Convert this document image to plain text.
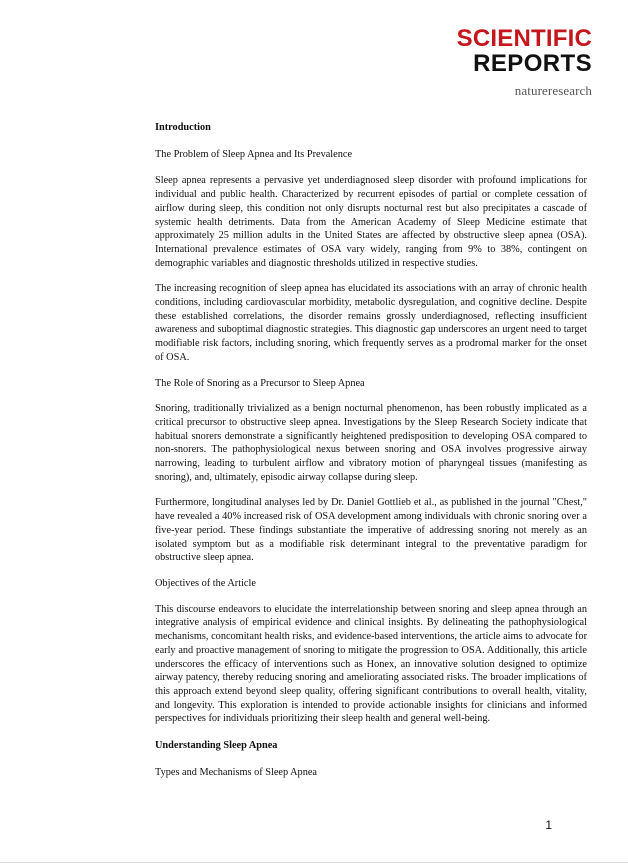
SCIENTIFIC
REPORTS
natureresearch

Introduction

The Problem of Sleep Apnea and Its Prevalence

Sleep apnea represents a pervasive yet underdiagnosed sleep disorder with profound implications for individual and public health. Characterized by recurrent episodes of partial or complete cessation of airflow during sleep, this condition not only disrupts nocturnal rest but also precipitates a cascade of systemic health detriments. Data from the American Academy of Sleep Medicine estimate that approximately 25 million adults in the United States are affected by obstructive sleep apnea (OSA). International prevalence estimates of OSA vary widely, ranging from 9% to 38%, contingent on demographic variables and diagnostic thresholds utilized in respective studies.

The increasing recognition of sleep apnea has elucidated its associations with an array of chronic health conditions, including cardiovascular morbidity, metabolic dysregulation, and cognitive decline. Despite these established correlations, the disorder remains grossly underdiagnosed, reflecting insufficient awareness and suboptimal diagnostic strategies. This diagnostic gap underscores an urgent need to target modifiable risk factors, including snoring, which frequently serves as a prodromal marker for the onset of OSA.

The Role of Snoring as a Precursor to Sleep Apnea

Snoring, traditionally trivialized as a benign nocturnal phenomenon, has been robustly implicated as a critical precursor to obstructive sleep apnea. Investigations by the Sleep Research Society indicate that habitual snorers demonstrate a significantly heightened predisposition to developing OSA compared to non-snorers. The pathophysiological nexus between snoring and OSA involves progressive airway narrowing, leading to turbulent airflow and vibratory motion of pharyngeal tissues (manifesting as snoring), and, ultimately, episodic airway collapse during sleep.

Furthermore, longitudinal analyses led by Dr. Daniel Gottlieb et al., as published in the journal "Chest," have revealed a 40% increased risk of OSA development among individuals with chronic snoring over a five-year period. These findings substantiate the imperative of addressing snoring not merely as an isolated symptom but as a modifiable risk determinant integral to the preventative paradigm for obstructive sleep apnea.

Objectives of the Article

This discourse endeavors to elucidate the interrelationship between snoring and sleep apnea through an integrative analysis of empirical evidence and clinical insights. By delineating the pathophysiological mechanisms, concomitant health risks, and evidence-based interventions, the article aims to advocate for early and proactive management of snoring to mitigate the progression to OSA. Additionally, this article underscores the efficacy of interventions such as Honex, an innovative solution designed to optimize airway patency, thereby reducing snoring and ameliorating associated risks. The broader implications of this approach extend beyond sleep quality, offering significant contributions to overall health, vitality, and longevity. This exploration is intended to provide actionable insights for clinicians and informed perspectives for individuals prioritizing their sleep health and general well-being.

Understanding Sleep Apnea

Types and Mechanisms of Sleep Apnea

1
